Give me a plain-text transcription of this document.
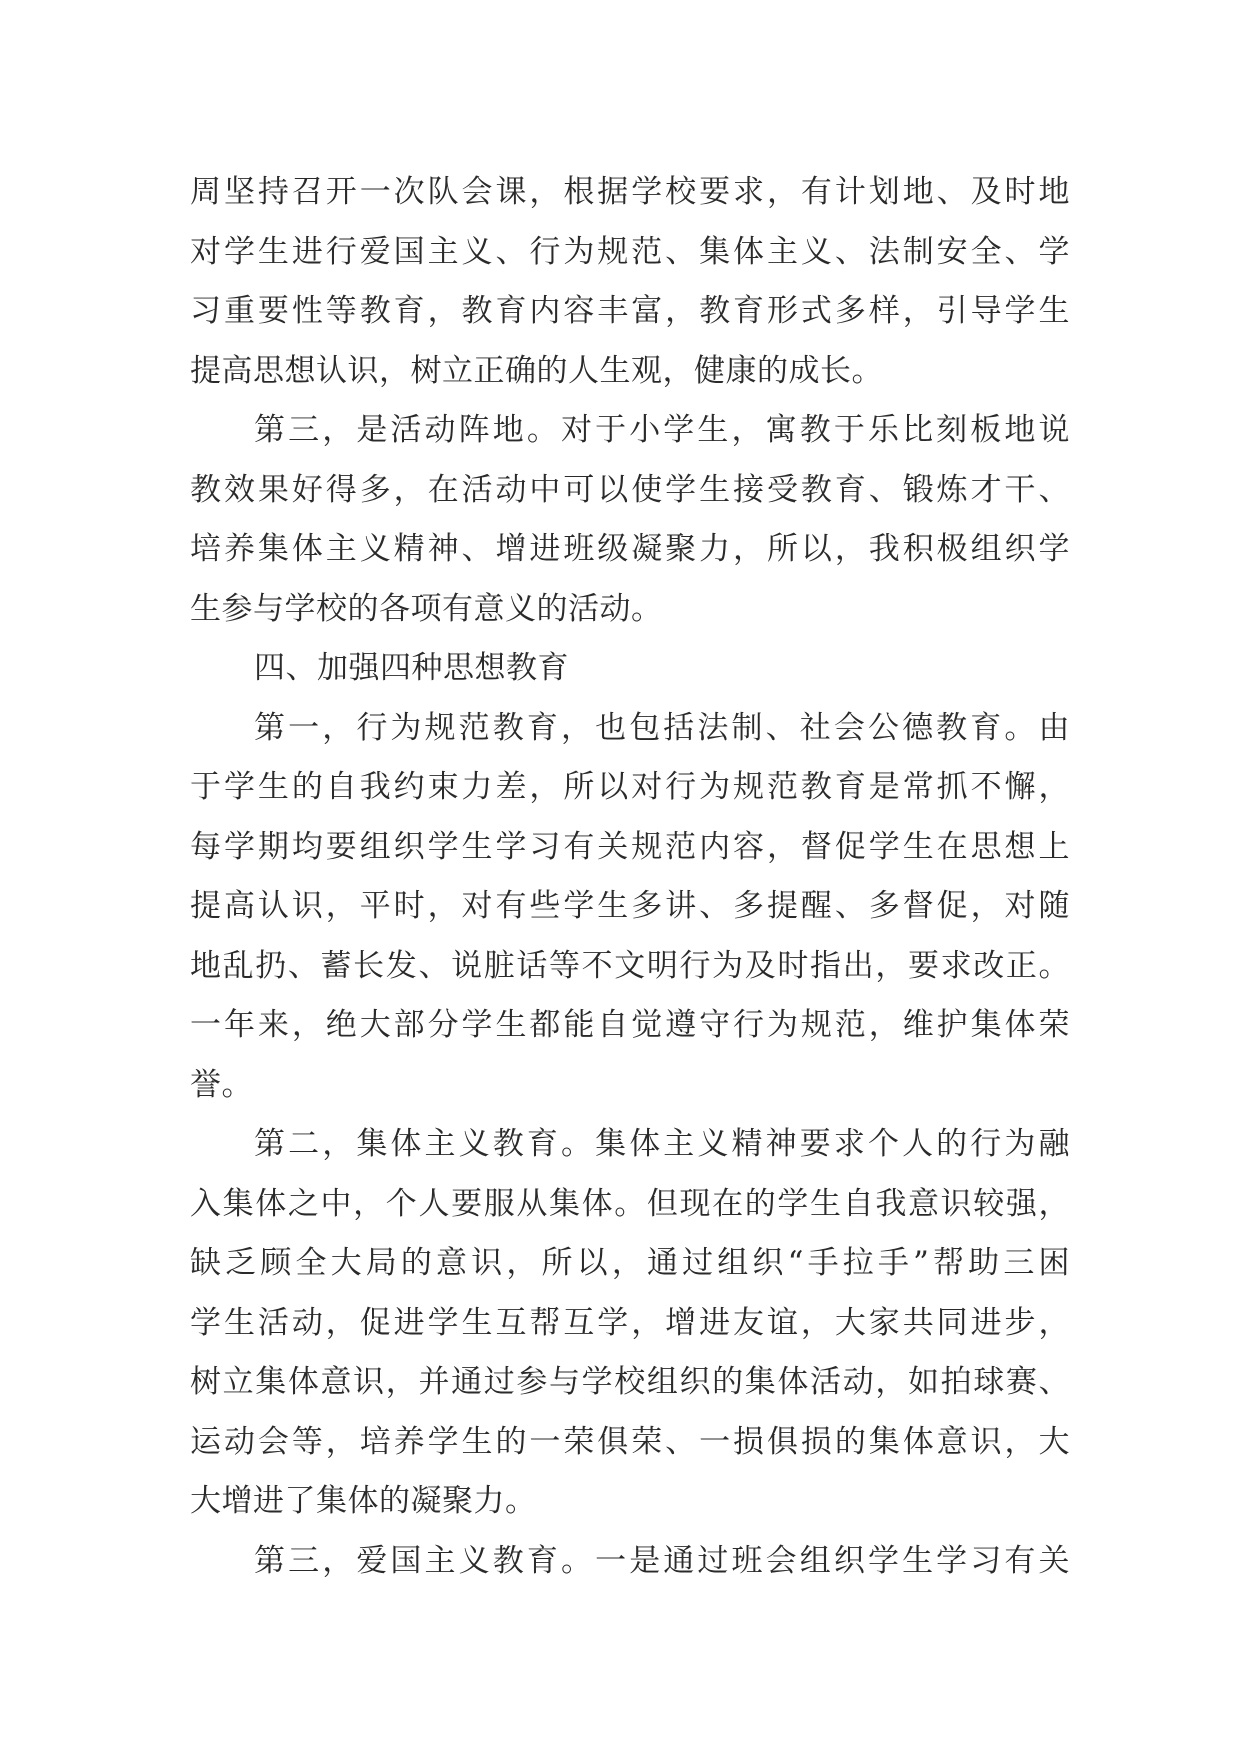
周坚持召开一次队会课，根据学校要求，有计划地、及时地
对学生进行爱国主义、行为规范、集体主义、法制安全、学
习重要性等教育，教育内容丰富，教育形式多样，引导学生
提高思想认识，树立正确的人生观，健康的成长。
第三，是活动阵地。对于小学生，寓教于乐比刻板地说
教效果好得多，在活动中可以使学生接受教育、锻炼才干、
培养集体主义精神、增进班级凝聚力，所以，我积极组织学
生参与学校的各项有意义的活动。
四、加强四种思想教育
第一，行为规范教育，也包括法制、社会公德教育。由
于学生的自我约束力差，所以对行为规范教育是常抓不懈，
每学期均要组织学生学习有关规范内容，督促学生在思想上
提高认识，平时，对有些学生多讲、多提醒、多督促，对随
地乱扔、蓄长发、说脏话等不文明行为及时指出，要求改正。
一年来，绝大部分学生都能自觉遵守行为规范，维护集体荣
誉。
第二，集体主义教育。集体主义精神要求个人的行为融
入集体之中，个人要服从集体。但现在的学生自我意识较强，
缺乏顾全大局的意识，所以，通过组织“手拉手”帮助三困
学生活动，促进学生互帮互学，增进友谊，大家共同进步，
树立集体意识，并通过参与学校组织的集体活动，如拍球赛、
运动会等，培养学生的一荣俱荣、一损俱损的集体意识，大
大增进了集体的凝聚力。
第三，爱国主义教育。一是通过班会组织学生学习有关
